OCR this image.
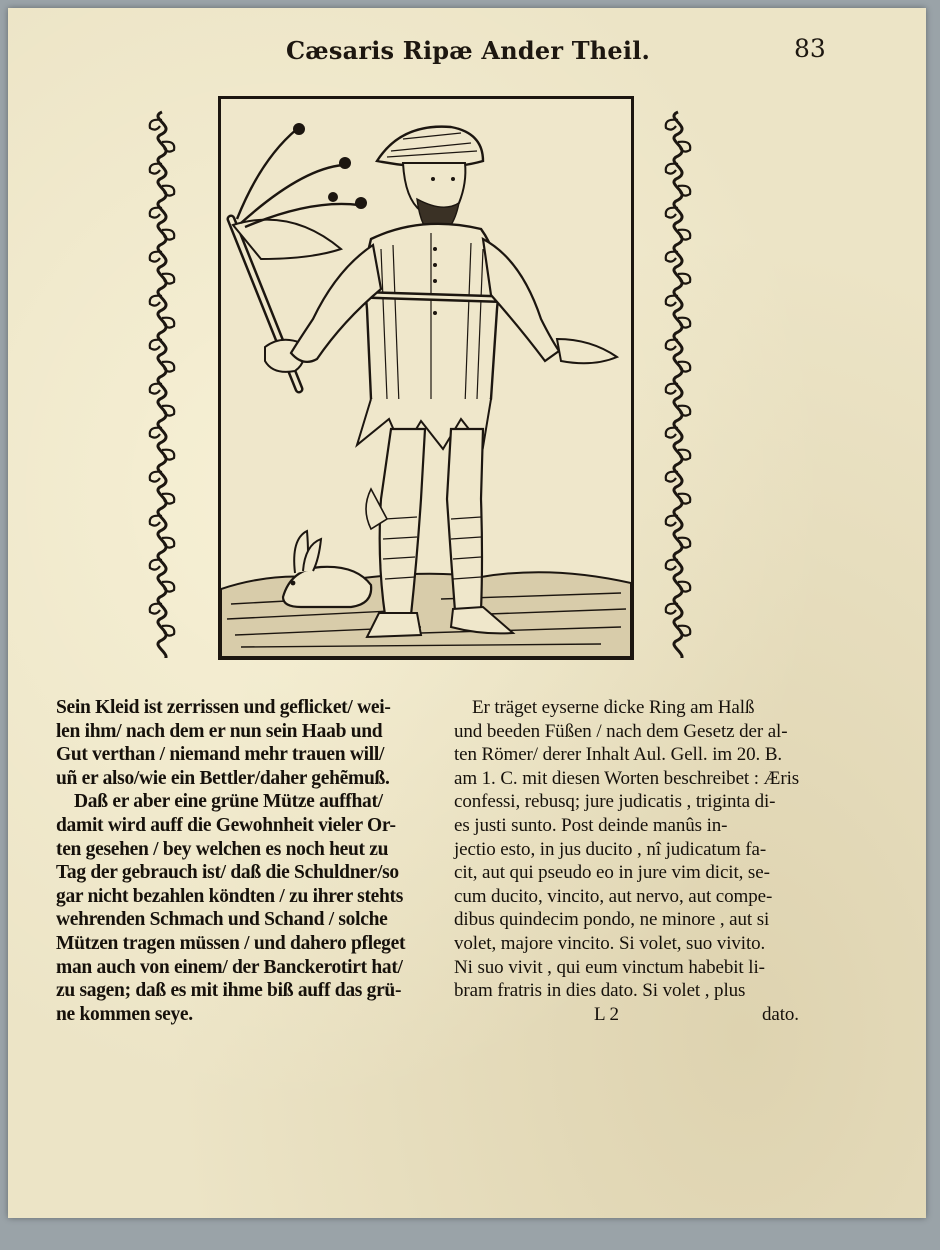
Cæsaris Ripæ Ander Theil.	83

Sein Kleid ist zerrissen und geflicket/ wei-
len ihm/ nach dem er nun sein Haab und
Gut verthan / niemand mehr trauen will/
uñ er also/wie ein Bettler/daher gehẽmuß.

Daß er aber eine grüne Mütze auffhat/
damit wird auff die Gewohnheit vieler Or-
ten gesehen / bey welchen es noch heut zu
Tag der gebrauch ist/ daß die Schuldner/so
gar nicht bezahlen köndten / zu ihrer stehts
wehrenden Schmach und Schand / solche
Mützen tragen müssen / und dahero pfleget
man auch von einem/ der Banckerotirt hat/
zu sagen; daß es mit ihme biß auff das grü-
ne kommen seye.

Er träget eyserne dicke Ring am Halß
und beeden Füßen / nach dem Gesetz der al-
ten Römer/ derer Inhalt Aul. Gell. im 20. B.
am 1. C. mit diesen Worten beschreibet : Æris
confessi, rebusq; jure judicatis , triginta di-
es justi sunto. Post deinde manûs in-
jectio esto, in jus ducito , nî judicatum fa-
cit, aut qui pseudo eo in jure vim dicit, se-
cum ducito, vincito, aut nervo, aut compe-
dibus quindecim pondo, ne minore , aut si
volet, majore vincito. Si volet, suo vivito.
Ni suo vivit , qui eum vinctum habebit li-
bram fratris in dies dato. Si volet , plus

L 2	dato.
